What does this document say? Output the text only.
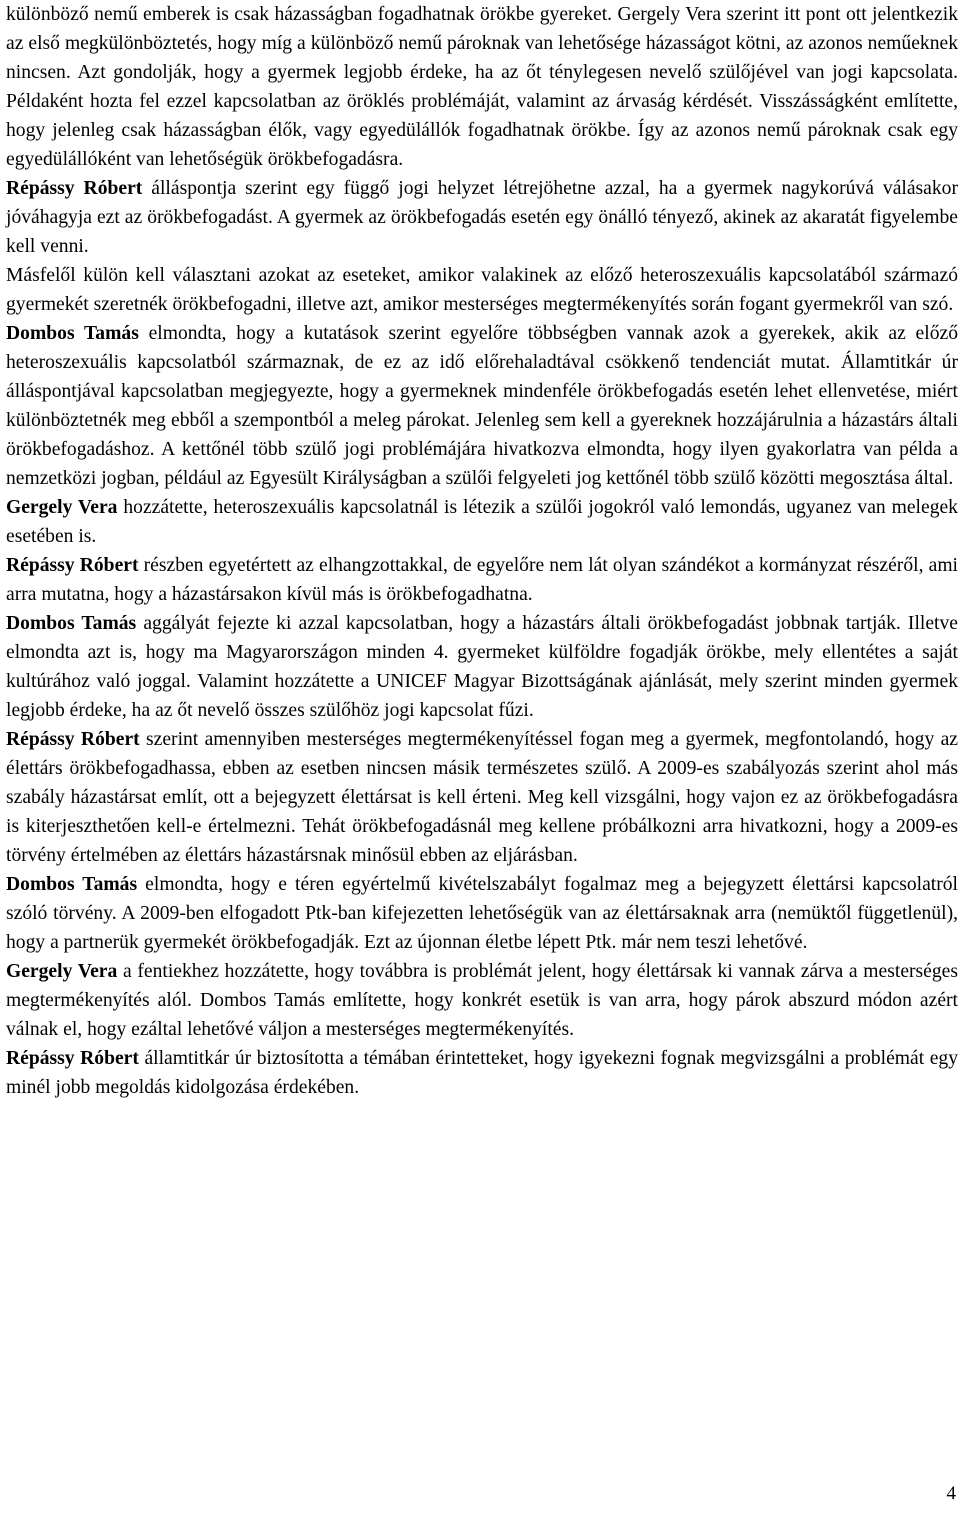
különböző nemű emberek is csak házasságban fogadhatnak örökbe gyereket. Gergely Vera szerint itt pont ott jelentkezik az első megkülönböztetés, hogy míg a különböző nemű pároknak van lehetősége házasságot kötni, az azonos neműeknek nincsen. Azt gondolják, hogy a gyermek legjobb érdeke, ha az őt ténylegesen nevelő szülőjével van jogi kapcsolata. Példaként hozta fel ezzel kapcsolatban az öröklés problémáját, valamint az árvaság kérdését. Visszásságként említette, hogy jelenleg csak házasságban élők, vagy egyedülállók fogadhatnak örökbe. Így az azonos nemű pároknak csak egy egyedülállóként van lehetőségük örökbefogadásra.

Répássy Róbert álláspontja szerint egy függő jogi helyzet létrejöhetne azzal, ha a gyermek nagykorúvá válásakor jóváhagyja ezt az örökbefogadást. A gyermek az örökbefogadás esetén egy önálló tényező, akinek az akaratát figyelembe kell venni.

Másfelől külön kell választani azokat az eseteket, amikor valakinek az előző heteroszexuális kapcsolatából származó gyermekét szeretnék örökbefogadni, illetve azt, amikor mesterséges megtermékenyítés során fogant gyermekről van szó.

Dombos Tamás elmondta, hogy a kutatások szerint egyelőre többségben vannak azok a gyerekek, akik az előző heteroszexuális kapcsolatból származnak, de ez az idő előrehaladtával csökkenő tendenciát mutat. Államtitkár úr álláspontjával kapcsolatban megjegyezte, hogy a gyermeknek mindenféle örökbefogadás esetén lehet ellenvetése, miért különböztetnék meg ebből a szempontból a meleg párokat. Jelenleg sem kell a gyereknek hozzájárulnia a házastárs általi örökbefogadáshoz. A kettőnél több szülő jogi problémájára hivatkozva elmondta, hogy ilyen gyakorlatra van példa a nemzetközi jogban, például az Egyesült Királyságban a szülői felgyeleti jog kettőnél több szülő közötti megosztása által.

Gergely Vera hozzátette, heteroszexuális kapcsolatnál is létezik a szülői jogokról való lemondás, ugyanez van melegek esetében is.

Répássy Róbert részben egyetértett az elhangzottakkal, de egyelőre nem lát olyan szándékot a kormányzat részéről, ami arra mutatna, hogy a házastársakon kívül más is örökbefogadhatna.

Dombos Tamás aggályát fejezte ki azzal kapcsolatban, hogy a házastárs általi örökbefogadást jobbnak tartják. Illetve elmondta azt is, hogy ma Magyarországon minden 4. gyermeket külföldre fogadják örökbe, mely ellentétes a saját kultúrához való joggal. Valamint hozzátette a UNICEF Magyar Bizottságának ajánlását, mely szerint minden gyermek legjobb érdeke, ha az őt nevelő összes szülőhöz jogi kapcsolat fűzi.

Répássy Róbert szerint amennyiben mesterséges megtermékenyítéssel fogan meg a gyermek, megfontolandó, hogy az élettárs örökbefogadhassa, ebben az esetben nincsen másik természetes szülő. A 2009-es szabályozás szerint ahol más szabály házastársat említ, ott a bejegyzett élettársat is kell érteni. Meg kell vizsgálni, hogy vajon ez az örökbefogadásra is kiterjeszthetően kell-e értelmezni. Tehát örökbefogadásnál meg kellene próbálkozni arra hivatkozni, hogy a 2009-es törvény értelmében az élettárs házastársnak minősül ebben az eljárásban.

Dombos Tamás elmondta, hogy e téren egyértelmű kivételszabályt fogalmaz meg a bejegyzett élettársi kapcsolatról szóló törvény. A 2009-ben elfogadott Ptk-ban kifejezetten lehetőségük van az élettársaknak arra (nemüktől függetlenül), hogy a partnerük gyermekét örökbefogadják. Ezt az újonnan életbe lépett Ptk. már nem teszi lehetővé.

Gergely Vera a fentiekhez hozzátette, hogy továbbra is problémát jelent, hogy élettársak ki vannak zárva a mesterséges megtermékenyítés alól. Dombos Tamás említette, hogy konkrét esetük is van arra, hogy párok abszurd módon azért válnak el, hogy ezáltal lehetővé váljon a mesterséges megtermékenyítés.

Répássy Róbert államtitkár úr biztosította a témában érintetteket, hogy igyekezni fognak megvizsgálni a problémát egy minél jobb megoldás kidolgozása érdekében.

4
